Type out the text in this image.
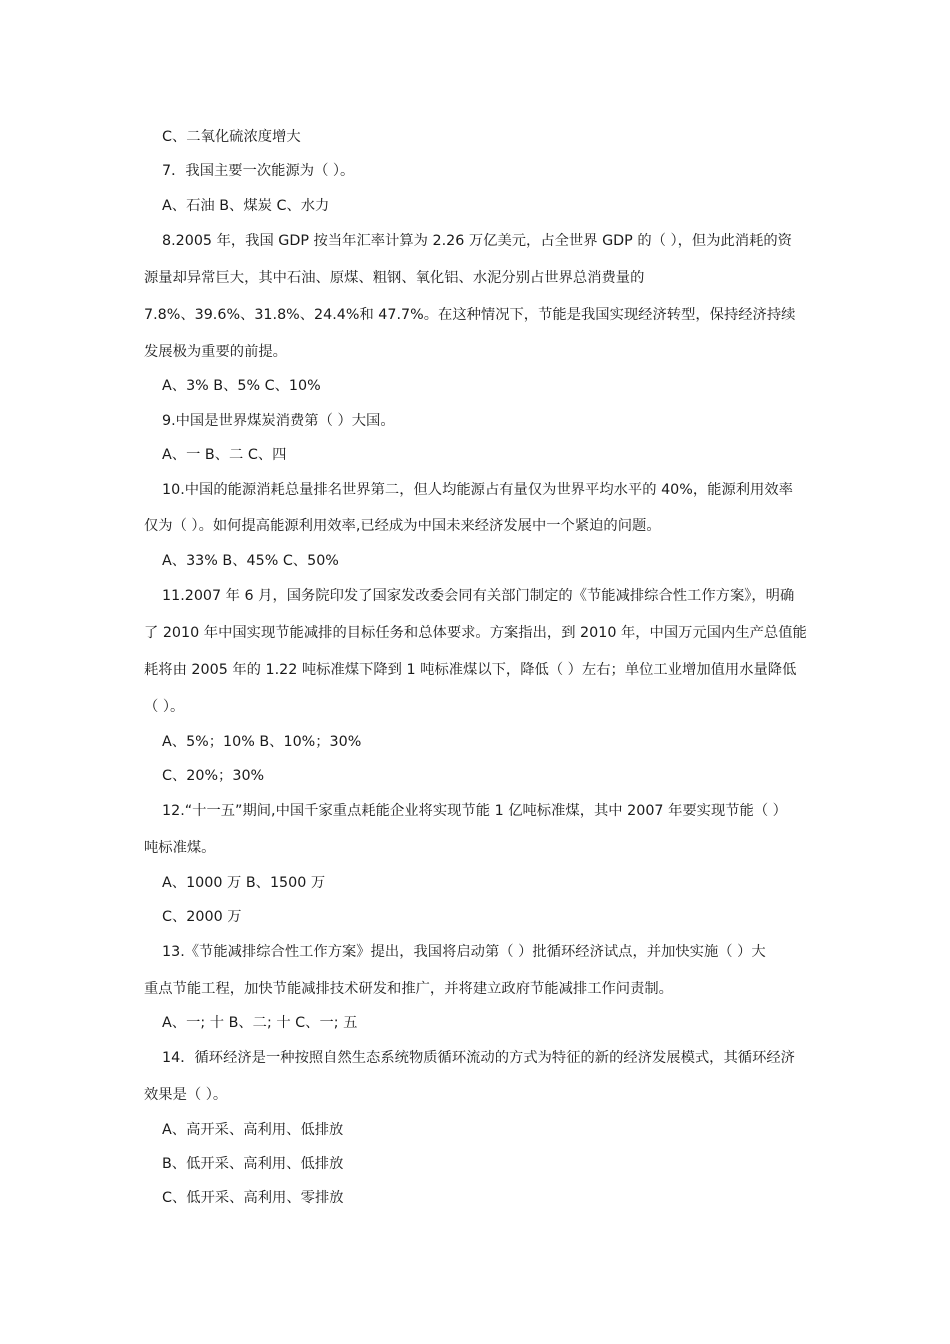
C、二氧化硫浓度增大
7．我国主要一次能源为（ ）。
A、石油 B、煤炭 C、水力
8.2005 年，我国 GDP 按当年汇率计算为 2.26 万亿美元，占全世界 GDP 的（ ），但为此消耗的资
源量却异常巨大，其中石油、原煤、粗钢、氧化铝、水泥分别占世界总消费量的
7.8%、39.6%、31.8%、24.4%和 47.7%。在这种情况下，节能是我国实现经济转型，保持经济持续
发展极为重要的前提。
A、3% B、5% C、10%
9.中国是世界煤炭消费第（ ）大国。
A、一 B、二 C、四
10.中国的能源消耗总量排名世界第二，但人均能源占有量仅为世界平均水平的 40%，能源利用效率
仅为（ ）。如何提高能源利用效率,已经成为中国未来经济发展中一个紧迫的问题。
A、33% B、45% C、50%
11.2007 年 6 月，国务院印发了国家发改委会同有关部门制定的《节能减排综合性工作方案》，明确
了 2010 年中国实现节能减排的目标任务和总体要求。方案指出，到 2010 年，中国万元国内生产总值能
耗将由 2005 年的 1.22 吨标准煤下降到 1 吨标准煤以下，降低（ ）左右；单位工业增加值用水量降低
（ ）。
A、5%；10% B、10%；30%
C、20%；30%
12.“十一五”期间,中国千家重点耗能企业将实现节能 1 亿吨标准煤，其中 2007 年要实现节能（ ）
吨标准煤。
A、1000 万 B、1500 万
C、2000 万
13.《节能减排综合性工作方案》提出，我国将启动第（ ）批循环经济试点，并加快实施（ ）大
重点节能工程，加快节能减排技术研发和推广，并将建立政府节能减排工作问责制。
A、一; 十 B、二; 十 C、一; 五
14．循环经济是一种按照自然生态系统物质循环流动的方式为特征的新的经济发展模式，其循环经济
效果是（ ）。
A、高开采、高利用、低排放
B、低开采、高利用、低排放
C、低开采、高利用、零排放
